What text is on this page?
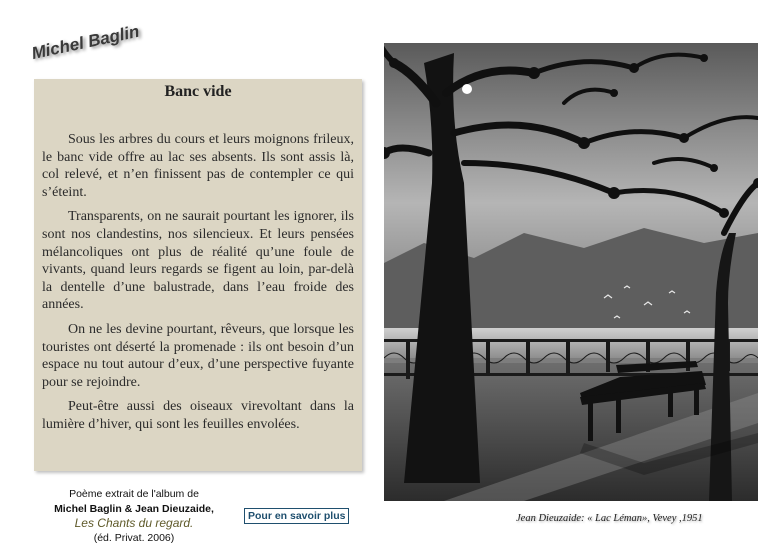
Michel Baglin
Banc vide

Sous les arbres du cours et leurs moignons frileux, le banc vide offre au lac ses absents. Ils sont assis là, col relevé, et n’en finissent pas de contempler ce qui s’éteint.

Transparents, on ne saurait pourtant les ignorer, ils sont nos clandestins, nos silencieux. Et leurs pensées mélancoliques ont plus de réalité qu’une foule de vivants, quand leurs regards se figent au loin, par-delà la dentelle d’une balustrade, dans l’eau froide des années.

On ne les devine pourtant, rêveurs, que lorsque les touristes ont déserté la promenade : ils ont besoin d’un espace nu tout autour d’eux, d’une perspective fuyante pour se rejoindre.

Peut-être aussi des oiseaux virevoltant dans la lumière d’hiver, qui sont les feuilles envolées.

Poème extrait de l'album de
Michel Baglin & Jean Dieuzaide,
Les Chants du regard.
(éd. Privat. 2006)
Pour en savoir plus	Jean Dieuzaide: « Lac Léman», Vevey ,1951
